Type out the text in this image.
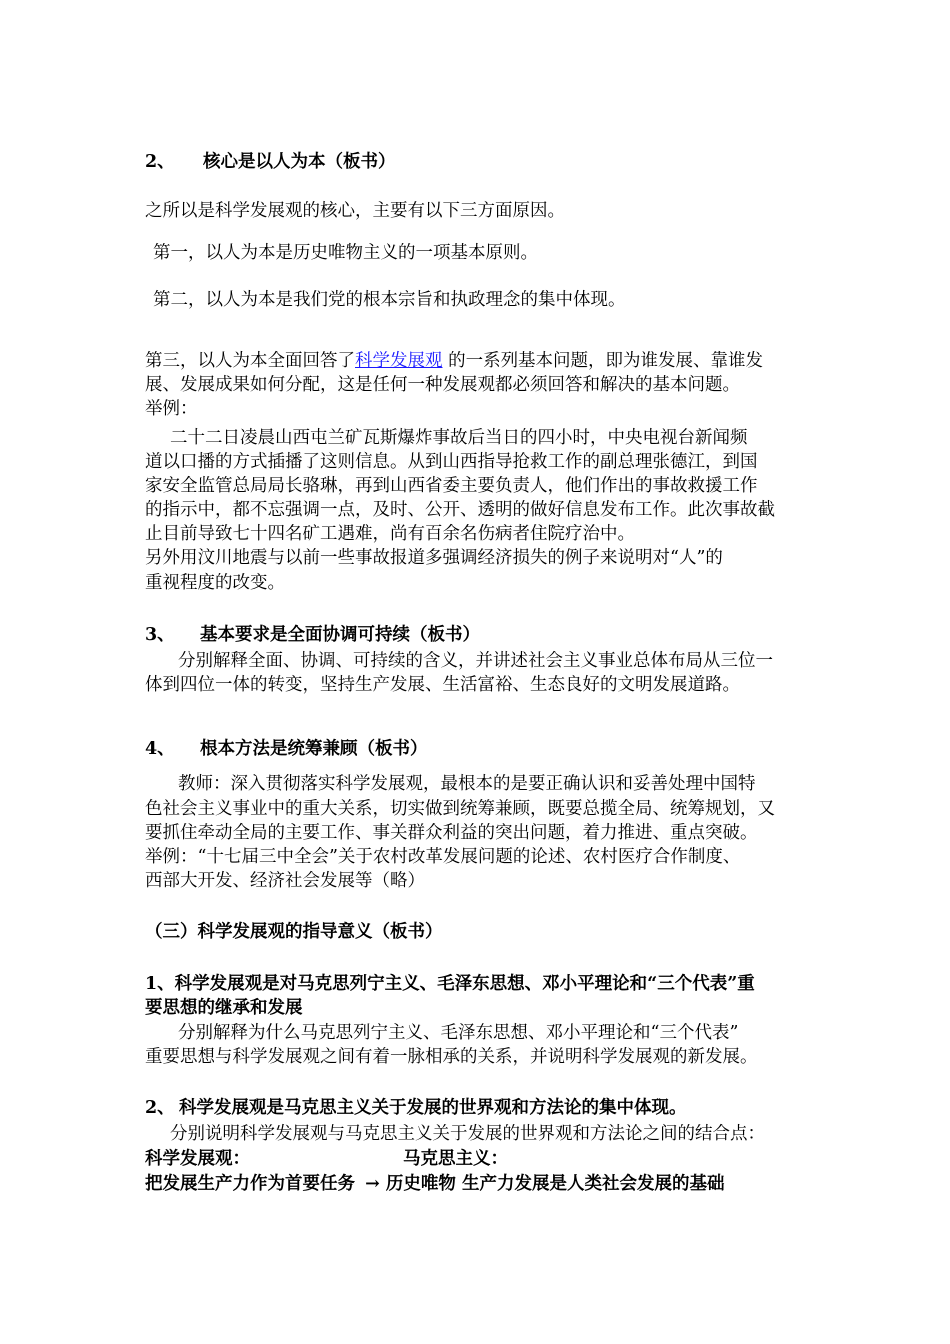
2、 核心是以人为本（板书）
之所以是科学发展观的核心，主要有以下三方面原因。
第一，以人为本是历史唯物主义的一项基本原则。
第二，以人为本是我们党的根本宗旨和执政理念的集中体现。
第三，以人为本全面回答了科学发展观 的一系列基本问题，即为谁发展、靠谁发
展、发展成果如何分配，这是任何一种发展观都必须回答和解决的基本问题。
举例：
二十二日凌晨山西屯兰矿瓦斯爆炸事故后当日的四小时，中央电视台新闻频
道以口播的方式插播了这则信息。从到山西指导抢救工作的副总理张德江，到国
家安全监管总局局长骆琳，再到山西省委主要负责人，他们作出的事故救援工作
的指示中，都不忘强调一点，及时、公开、透明的做好信息发布工作。此次事故截
止目前导致七十四名矿工遇难，尚有百余名伤病者住院疗治中。
另外用汶川地震与以前一些事故报道多强调经济损失的例子来说明对“人”的
重视程度的改变。
3、 基本要求是全面协调可持续（板书）
分别解释全面、协调、可持续的含义，并讲述社会主义事业总体布局从三位一
体到四位一体的转变，坚持生产发展、生活富裕、生态良好的文明发展道路。
4、 根本方法是统筹兼顾（板书）
教师：深入贯彻落实科学发展观，最根本的是要正确认识和妥善处理中国特
色社会主义事业中的重大关系，切实做到统筹兼顾，既要总揽全局、统筹规划，又
要抓住牵动全局的主要工作、事关群众利益的突出问题，着力推进、重点突破。
举例：“十七届三中全会”关于农村改革发展问题的论述、农村医疗合作制度、
西部大开发、经济社会发展等（略）
（三）科学发展观的指导意义（板书）
1、科学发展观是对马克思列宁主义、毛泽东思想、邓小平理论和“三个代表”重
要思想的继承和发展
分别解释为什么马克思列宁主义、毛泽东思想、邓小平理论和“三个代表”
重要思想与科学发展观之间有着一脉相承的关系，并说明科学发展观的新发展。
2、 科学发展观是马克思主义关于发展的世界观和方法论的集中体现。
分别说明科学发展观与马克思主义关于发展的世界观和方法论之间的结合点：
科学发展观：	马克思主义：
把发展生产力作为首要任务 → 历史唯物 生产力发展是人类社会发展的基础
